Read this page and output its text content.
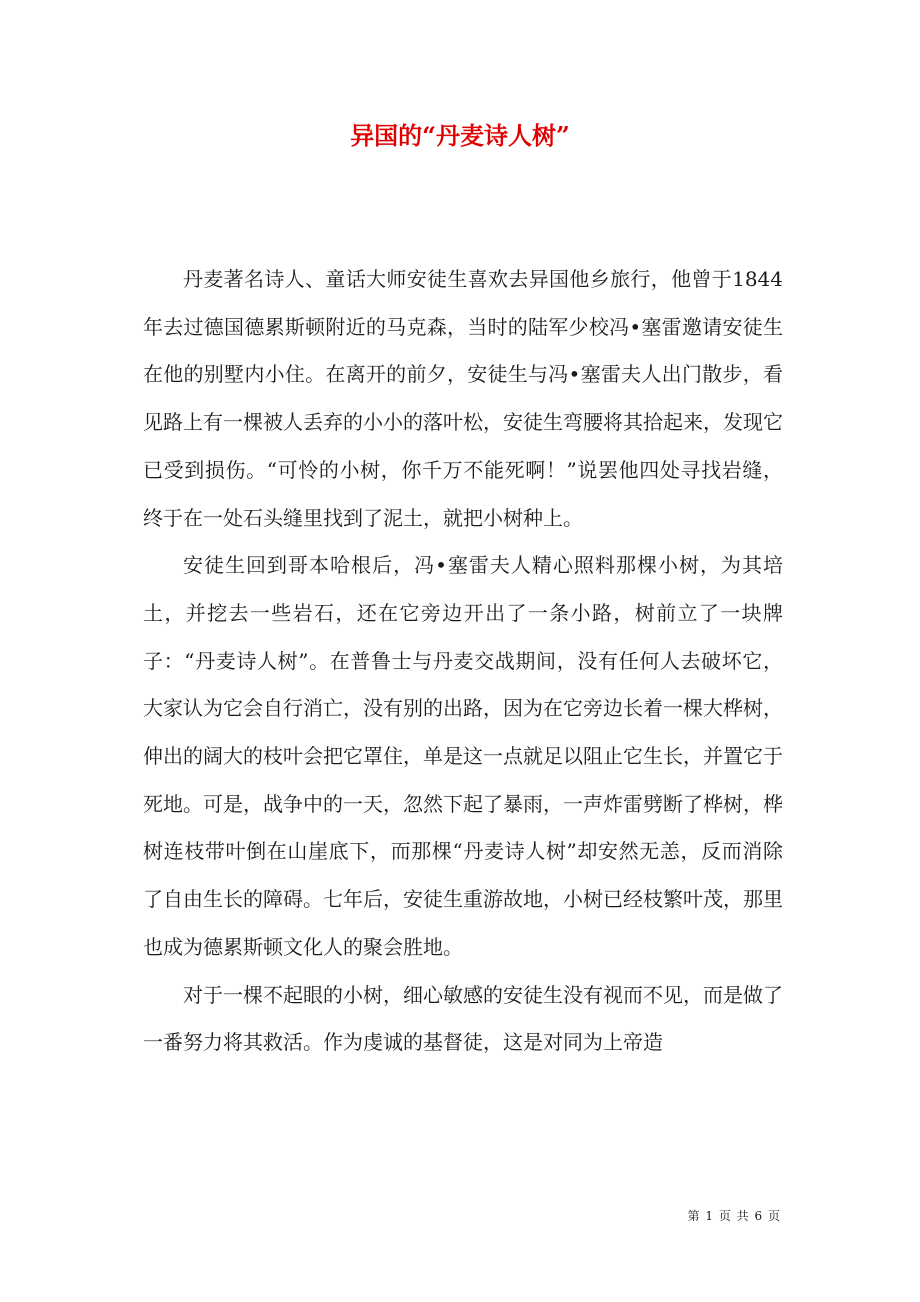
异国的“丹麦诗人树”

丹麦著名诗人、童话大师安徒生喜欢去异国他乡旅行，他曾于1844年去过德国德累斯顿附近的马克森，当时的陆军少校冯•塞雷邀请安徒生在他的别墅内小住。在离开的前夕，安徒生与冯•塞雷夫人出门散步，看见路上有一棵被人丢弃的小小的落叶松，安徒生弯腰将其拾起来，发现它已受到损伤。“可怜的小树，你千万不能死啊！”说罢他四处寻找岩缝，终于在一处石头缝里找到了泥土，就把小树种上。

安徒生回到哥本哈根后，冯•塞雷夫人精心照料那棵小树，为其培土，并挖去一些岩石，还在它旁边开出了一条小路，树前立了一块牌子：“丹麦诗人树”。在普鲁士与丹麦交战期间，没有任何人去破坏它，大家认为它会自行消亡，没有别的出路，因为在它旁边长着一棵大桦树，伸出的阔大的枝叶会把它罩住，单是这一点就足以阻止它生长，并置它于死地。可是，战争中的一天，忽然下起了暴雨，一声炸雷劈断了桦树，桦树连枝带叶倒在山崖底下，而那棵“丹麦诗人树”却安然无恙，反而消除了自由生长的障碍。七年后，安徒生重游故地，小树已经枝繁叶茂，那里也成为德累斯顿文化人的聚会胜地。

对于一棵不起眼的小树，细心敏感的安徒生没有视而不见，而是做了一番努力将其救活。作为虔诚的基督徒，这是对同为上帝造

第 1 页 共 6 页
